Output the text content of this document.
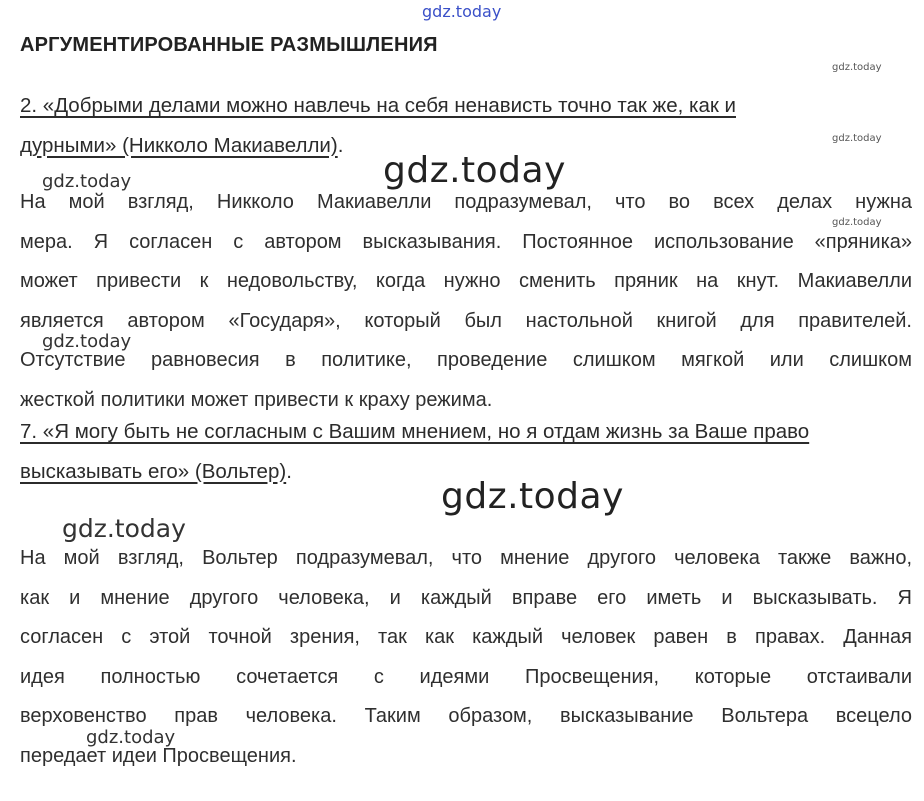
gdz.today
gdz.today
gdz.today
gdz.today
gdz.today
gdz.today
gdz.today
gdz.today
gdz.today
gdz.today
АРГУМЕНТИРОВАННЫЕ РАЗМЫШЛЕНИЯ
2. «Добрыми делами можно навлечь на себя ненависть точно так же, как и
дурными» (Никколо Макиавелли).
На мой взгляд, Никколо Макиавелли подразумевал, что во всех делах нужна
мера. Я согласен с автором высказывания. Постоянное использование «пряника»
может привести к недовольству, когда нужно сменить пряник на кнут. Макиавелли
является автором «Государя», который был настольной книгой для правителей.
Отсутствие равновесия в политике, проведение слишком мягкой или слишком
жесткой политики может привести к краху режима.
7. «Я могу быть не согласным с Вашим мнением, но я отдам жизнь за Ваше право
высказывать его» (Вольтер).
На мой взгляд, Вольтер подразумевал, что мнение другого человека также важно,
как и мнение другого человека, и каждый вправе его иметь и высказывать. Я
согласен с этой точной зрения, так как каждый человек равен в правах. Данная
идея полностью сочетается с идеями Просвещения, которые отстаивали
верховенство прав человека. Таким образом, высказывание Вольтера всецело
передает идеи Просвещения.
